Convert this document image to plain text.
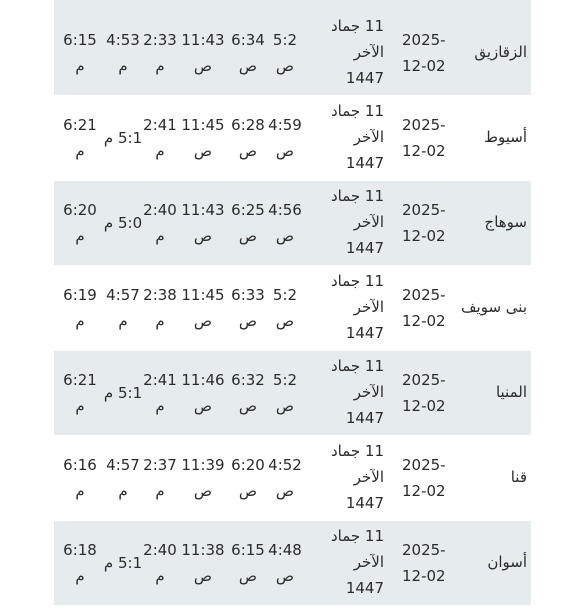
الزقازيق
2025-
12-02
11 جماد
الآخر
1447
5:2
ص
6:34
ص
11:43
ص
2:33
م
4:53
م
6:15
م
أسيوط
2025-
12-02
11 جماد
الآخر
1447
4:59
ص
6:28
ص
11:45
ص
2:41
م
5:1 م
6:21
م
سوهاج
2025-
12-02
11 جماد
الآخر
1447
4:56
ص
6:25
ص
11:43
ص
2:40
م
5:0 م
6:20
م
بنى سويف
2025-
12-02
11 جماد
الآخر
1447
5:2
ص
6:33
ص
11:45
ص
2:38
م
4:57
م
6:19
م
المنيا
2025-
12-02
11 جماد
الآخر
1447
5:2
ص
6:32
ص
11:46
ص
2:41
م
5:1 م
6:21
م
قنا
2025-
12-02
11 جماد
الآخر
1447
4:52
ص
6:20
ص
11:39
ص
2:37
م
4:57
م
6:16
م
أسوان
2025-
12-02
11 جماد
الآخر
1447
4:48
ص
6:15
ص
11:38
ص
2:40
م
5:1 م
6:18
م
